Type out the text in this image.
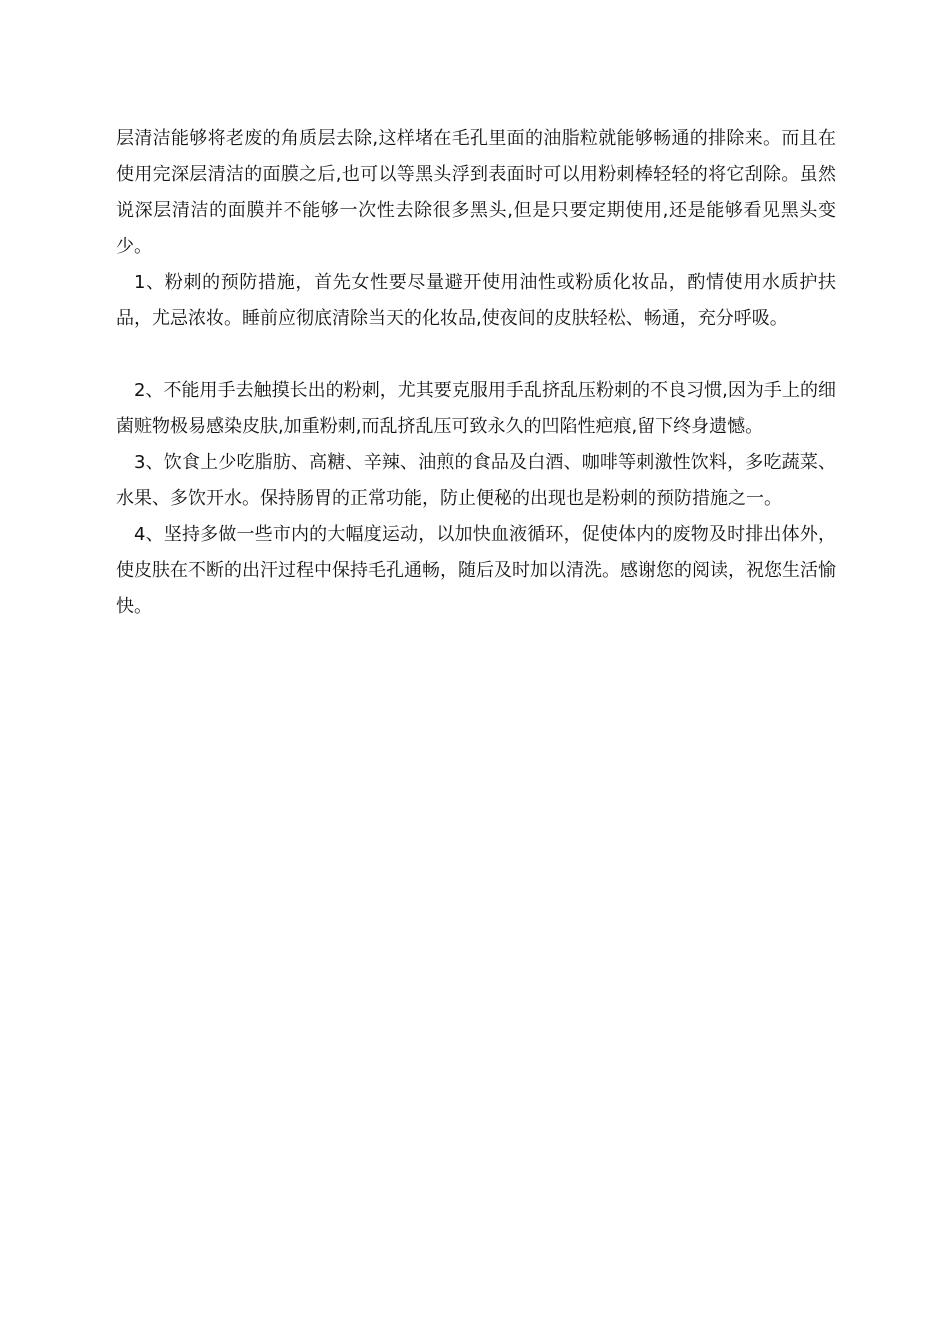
层清洁能够将老废的角质层去除,这样堵在毛孔里面的油脂粒就能够畅通的排除来。而且在使用完深层清洁的面膜之后,也可以等黑头浮到表面时可以用粉刺棒轻轻的将它刮除。虽然说深层清洁的面膜并不能够一次性去除很多黑头,但是只要定期使用,还是能够看见黑头变少。

1、粉刺的预防措施，首先女性要尽量避开使用油性或粉质化妆品，酌情使用水质护扶品，尤忌浓妆。睡前应彻底清除当天的化妆品,使夜间的皮肤轻松、畅通，充分呼吸。

2、不能用手去触摸长出的粉刺，尤其要克服用手乱挤乱压粉刺的不良习惯,因为手上的细菌赃物极易感染皮肤,加重粉刺,而乱挤乱压可致永久的凹陷性疤痕,留下终身遗憾。

3、饮食上少吃脂肪、高糖、辛辣、油煎的食品及白酒、咖啡等刺激性饮料，多吃蔬菜、水果、多饮开水。保持肠胃的正常功能，防止便秘的出现也是粉刺的预防措施之一。

4、坚持多做一些市内的大幅度运动，以加快血液循环，促使体内的废物及时排出体外，使皮肤在不断的出汗过程中保持毛孔通畅，随后及时加以清洗。感谢您的阅读，祝您生活愉快。
